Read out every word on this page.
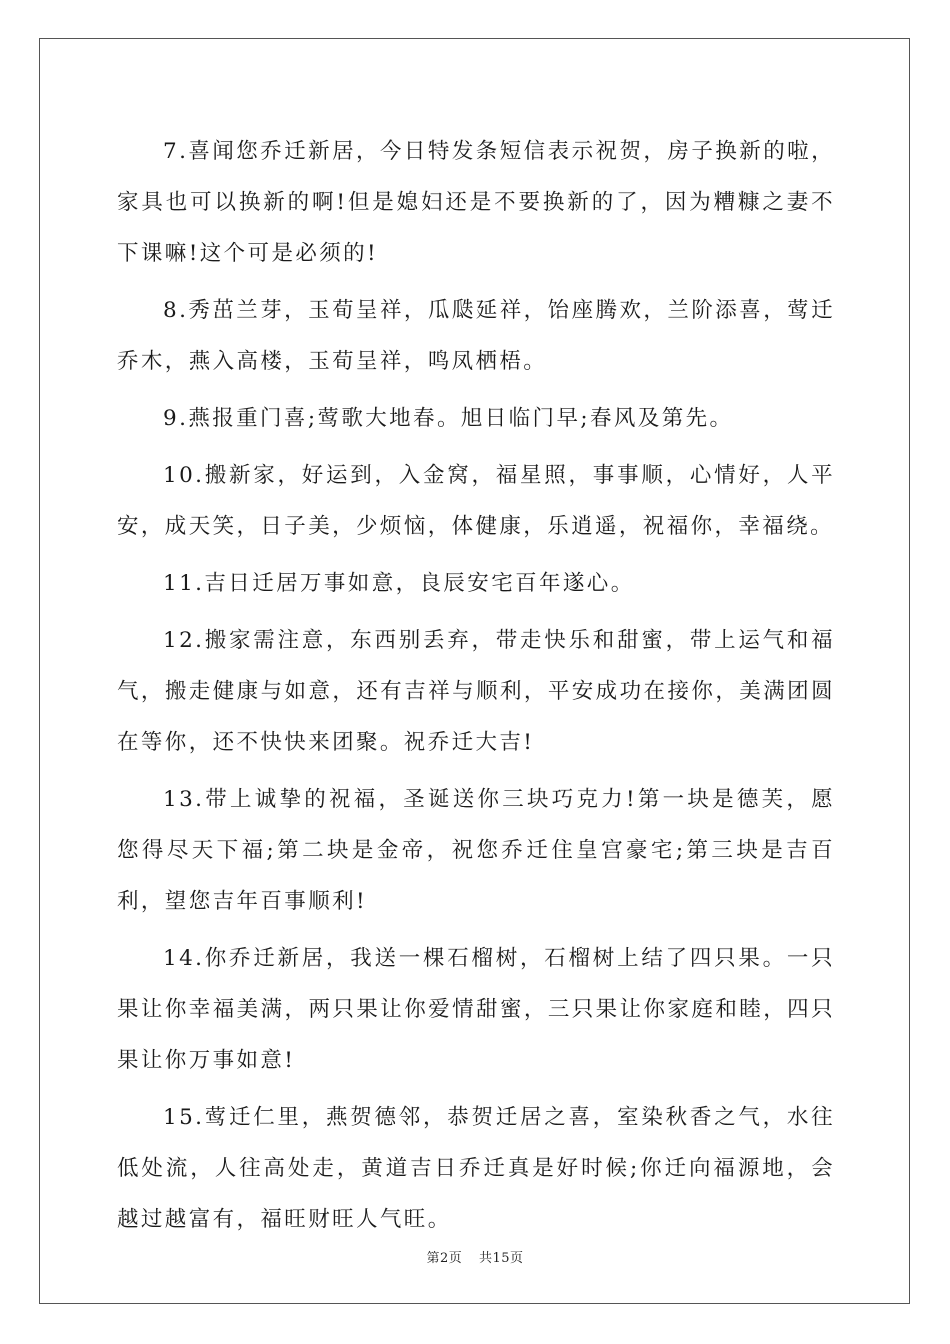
7.喜闻您乔迁新居，今日特发条短信表示祝贺，房子换新的啦，家具也可以换新的啊!但是媳妇还是不要换新的了，因为糟糠之妻不下课嘛!这个可是必须的!

8.秀茁兰芽，玉荀呈祥，瓜瓞延祥，饴座腾欢，兰阶添喜，莺迁乔木，燕入高楼，玉荀呈祥，鸣凤栖梧。

9.燕报重门喜;莺歌大地春。旭日临门早;春风及第先。

10.搬新家，好运到，入金窝，福星照，事事顺，心情好，人平安，成天笑，日子美，少烦恼，体健康，乐逍遥，祝福你，幸福绕。

11.吉日迁居万事如意，良辰安宅百年遂心。

12.搬家需注意，东西别丢弃，带走快乐和甜蜜，带上运气和福气，搬走健康与如意，还有吉祥与顺利，平安成功在接你，美满团圆在等你，还不快快来团聚。祝乔迁大吉!

13.带上诚挚的祝福，圣诞送你三块巧克力!第一块是德芙，愿您得尽天下福;第二块是金帝，祝您乔迁住皇宫豪宅;第三块是吉百利，望您吉年百事顺利!

14.你乔迁新居，我送一棵石榴树，石榴树上结了四只果。一只果让你幸福美满，两只果让你爱情甜蜜，三只果让你家庭和睦，四只果让你万事如意!

15.莺迁仁里，燕贺德邻，恭贺迁居之喜，室染秋香之气，水往低处流，人往高处走，黄道吉日乔迁真是好时候;你迁向福源地，会越过越富有，福旺财旺人气旺。

第2页 共15页
